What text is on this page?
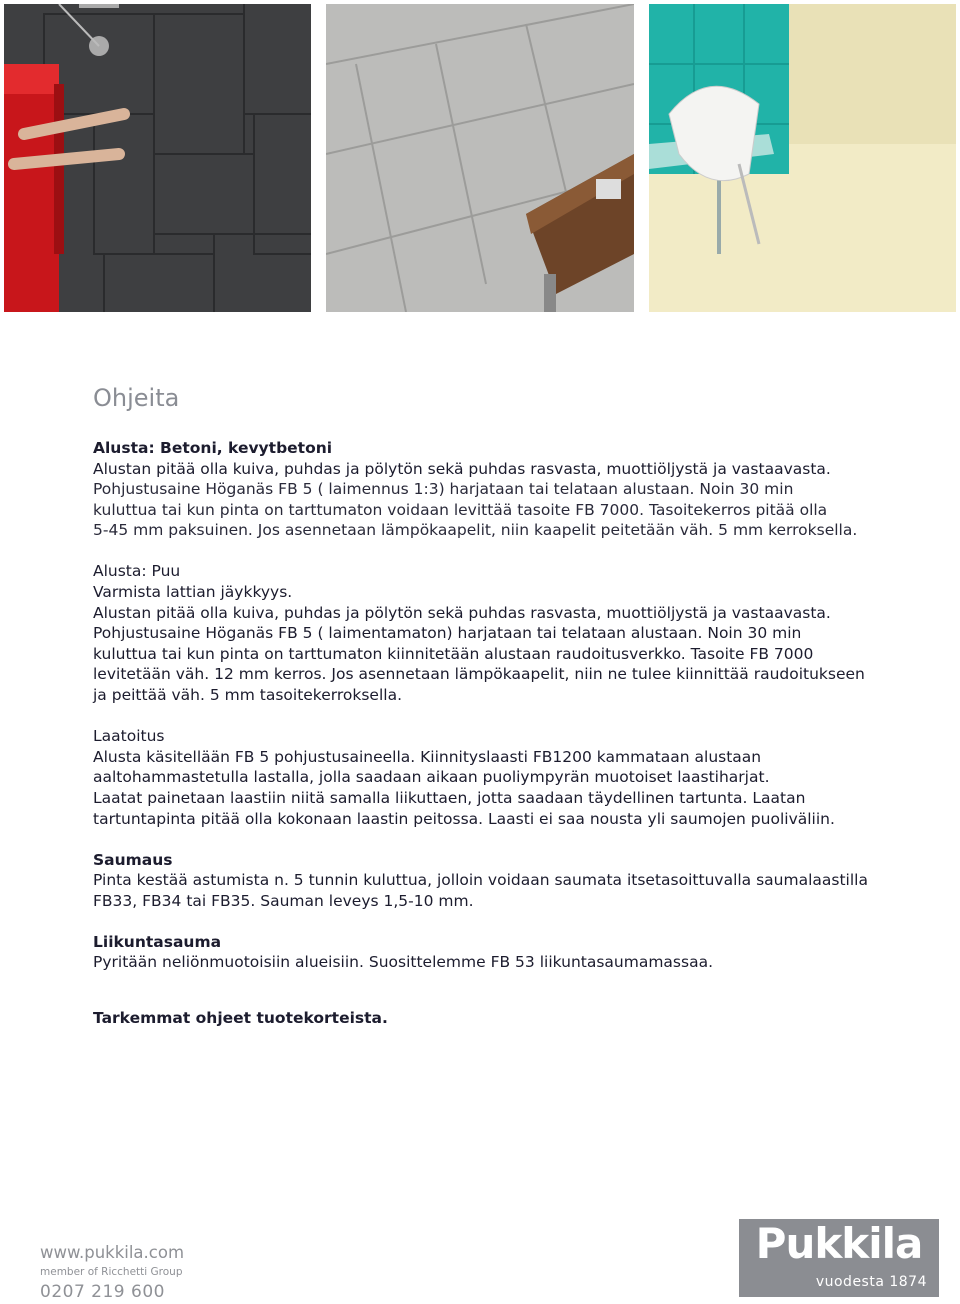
Ohjeita
Alusta: Betoni, kevytbetoni
Alustan pitää olla kuiva, puhdas ja pölytön sekä puhdas rasvasta, muottiöljystä ja vastaavasta.
Pohjustusaine Höganäs FB 5 ( laimennus 1:3) harjataan tai telataan alustaan. Noin 30 min
kuluttua tai kun pinta on tarttumaton voidaan levittää tasoite FB 7000. Tasoitekerros pitää olla
5-45 mm paksuinen. Jos asennetaan lämpökaapelit, niin kaapelit peitetään väh. 5 mm kerroksella.
Alusta: Puu
Varmista lattian jäykkyys.
Alustan pitää olla kuiva, puhdas ja pölytön sekä puhdas rasvasta, muottiöljystä ja vastaavasta.
Pohjustusaine Höganäs FB 5 ( laimentamaton) harjataan tai telataan alustaan. Noin 30 min
kuluttua tai kun pinta on tarttumaton kiinnitetään alustaan raudoitusverkko. Tasoite FB 7000
levitetään väh. 12 mm kerros. Jos asennetaan lämpökaapelit, niin ne tulee kiinnittää raudoitukseen
ja peittää väh. 5 mm tasoitekerroksella.
Laatoitus
Alusta käsitellään FB 5 pohjustusaineella. Kiinnityslaasti FB1200 kammataan alustaan
aaltohammastetulla lastalla, jolla saadaan aikaan puoliympyrän muotoiset laastiharjat.
Laatat painetaan laastiin niitä samalla liikuttaen, jotta saadaan täydellinen tartunta. Laatan
tartuntapinta pitää olla kokonaan laastin peitossa. Laasti ei saa nousta yli saumojen puoliväliin.
Saumaus
Pinta kestää astumista n. 5 tunnin kuluttua, jolloin voidaan saumata itsetasoittuvalla saumalaastilla
FB33, FB34 tai FB35. Sauman leveys 1,5-10 mm.
Liikuntasauma
Pyritään neliönmuotoisiin alueisiin. Suosittelemme FB 53 liikuntasaumamassaa.
Tarkemmat ohjeet tuotekorteista.
www.pukkila.com
member of Ricchetti Group
0207 219 600
Pukkila
vuodesta 1874
